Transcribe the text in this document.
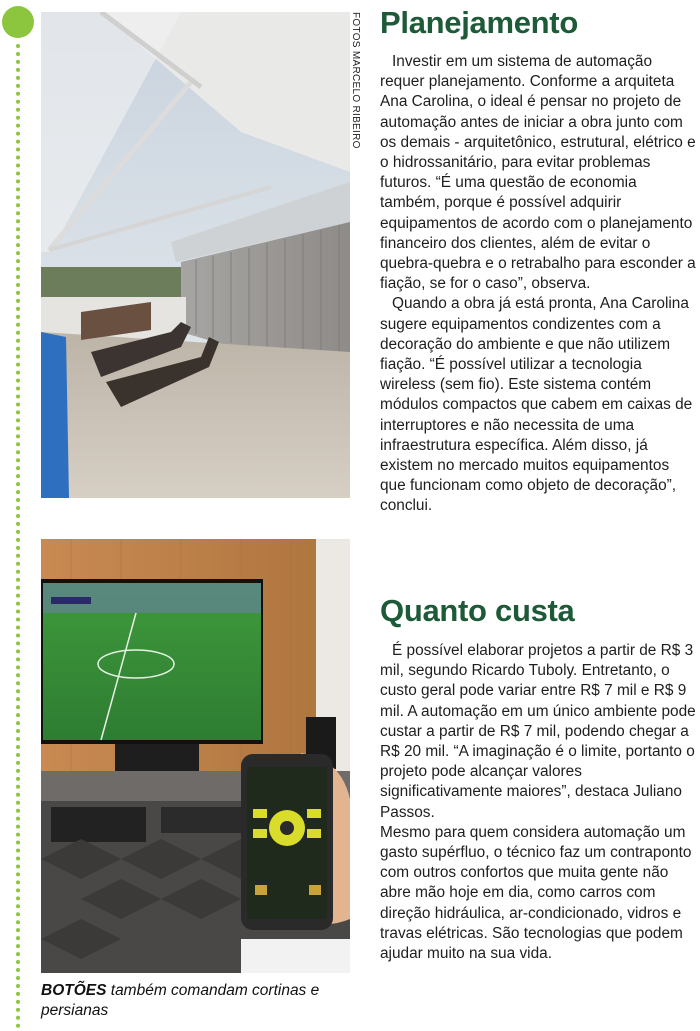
FOTOS MARCELO RIBEIRO
BOTÕES também comandam cortinas e persianas
Planejamento

Investir em um sistema de automação requer planejamento. Conforme a arquiteta Ana Carolina, o ideal é pensar no projeto de automação antes de iniciar a obra junto com os demais - arquitetônico, estrutural, elétrico e o hidrossanitário, para evitar problemas futuros. “É uma questão de economia também, porque é possível adquirir equipamentos de acordo com o planejamento financeiro dos clientes, além de evitar o quebra-quebra e o retrabalho para esconder a fiação, se for o caso”, observa.

Quando a obra já está pronta, Ana Carolina sugere equipamentos condizentes com a decoração do ambiente e que não utilizem fiação. “É possível utilizar a tecnologia wireless (sem fio). Este sistema contém módulos compactos que cabem em caixas de interruptores e não necessita de uma infraestrutura específica. Além disso, já existem no mercado muitos equipamentos que funcionam como objeto de decoração”, conclui.

Quanto custa

É possível elaborar projetos a partir de R$ 3 mil, segundo Ricardo Tuboly. Entretanto, o custo geral pode variar entre R$ 7 mil e R$ 9 mil. A automação em um único ambiente pode custar a partir de R$ 7 mil, podendo chegar a R$ 20 mil. “A imaginação é o limite, portanto o projeto pode alcançar valores significativamente maiores”, destaca Juliano Passos.

Mesmo para quem considera automação um gasto supérfluo, o técnico faz um contraponto com outros confortos que muita gente não abre mão hoje em dia, como carros com direção hidráulica, ar-condicionado, vidros e travas elétricas. São tecnologias que podem ajudar muito na sua vida.
